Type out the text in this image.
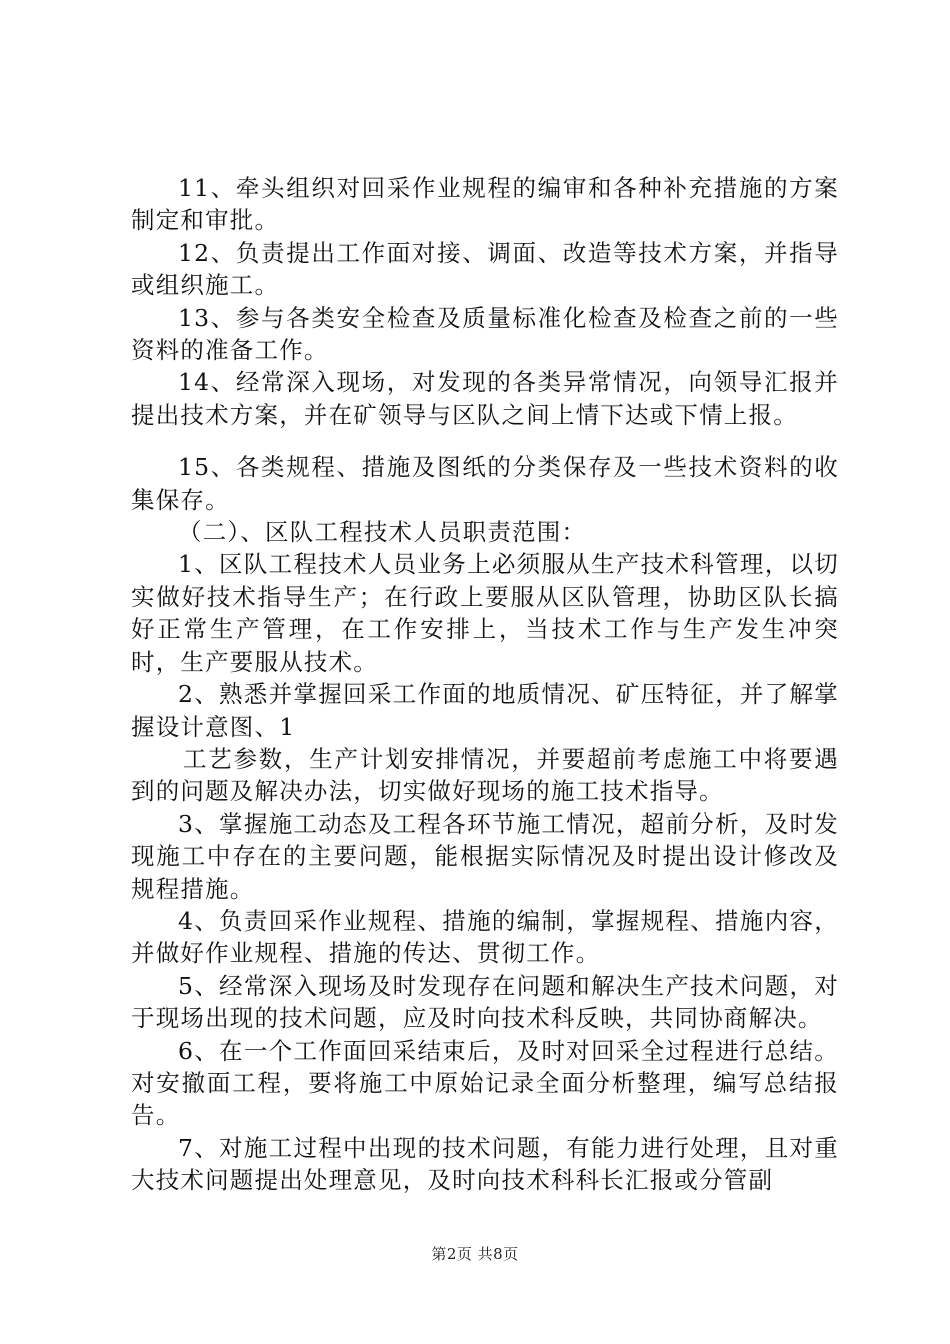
11、牵头组织对回采作业规程的编审和各种补充措施的方案制定和审批。

12、负责提出工作面对接、调面、改造等技术方案，并指导或组织施工。

13、参与各类安全检查及质量标准化检查及检查之前的一些资料的准备工作。

14、经常深入现场，对发现的各类异常情况，向领导汇报并提出技术方案，并在矿领导与区队之间上情下达或下情上报。

15、各类规程、措施及图纸的分类保存及一些技术资料的收集保存。

（二）、区队工程技术人员职责范围：

1、区队工程技术人员业务上必须服从生产技术科管理，以切实做好技术指导生产；在行政上要服从区队管理，协助区队长搞好正常生产管理，在工作安排上，当技术工作与生产发生冲突时，生产要服从技术。

2、熟悉并掌握回采工作面的地质情况、矿压特征，并了解掌握设计意图、1

工艺参数，生产计划安排情况，并要超前考虑施工中将要遇到的问题及解决办法，切实做好现场的施工技术指导。

3、掌握施工动态及工程各环节施工情况，超前分析，及时发现施工中存在的主要问题，能根据实际情况及时提出设计修改及规程措施。

4、负责回采作业规程、措施的编制，掌握规程、措施内容，并做好作业规程、措施的传达、贯彻工作。

5、经常深入现场及时发现存在问题和解决生产技术问题，对于现场出现的技术问题，应及时向技术科反映，共同协商解决。

6、在一个工作面回采结束后，及时对回采全过程进行总结。对安撤面工程，要将施工中原始记录全面分析整理，编写总结报告。

7、对施工过程中出现的技术问题，有能力进行处理，且对重大技术问题提出处理意见，及时向技术科科长汇报或分管副

第2页 共8页
